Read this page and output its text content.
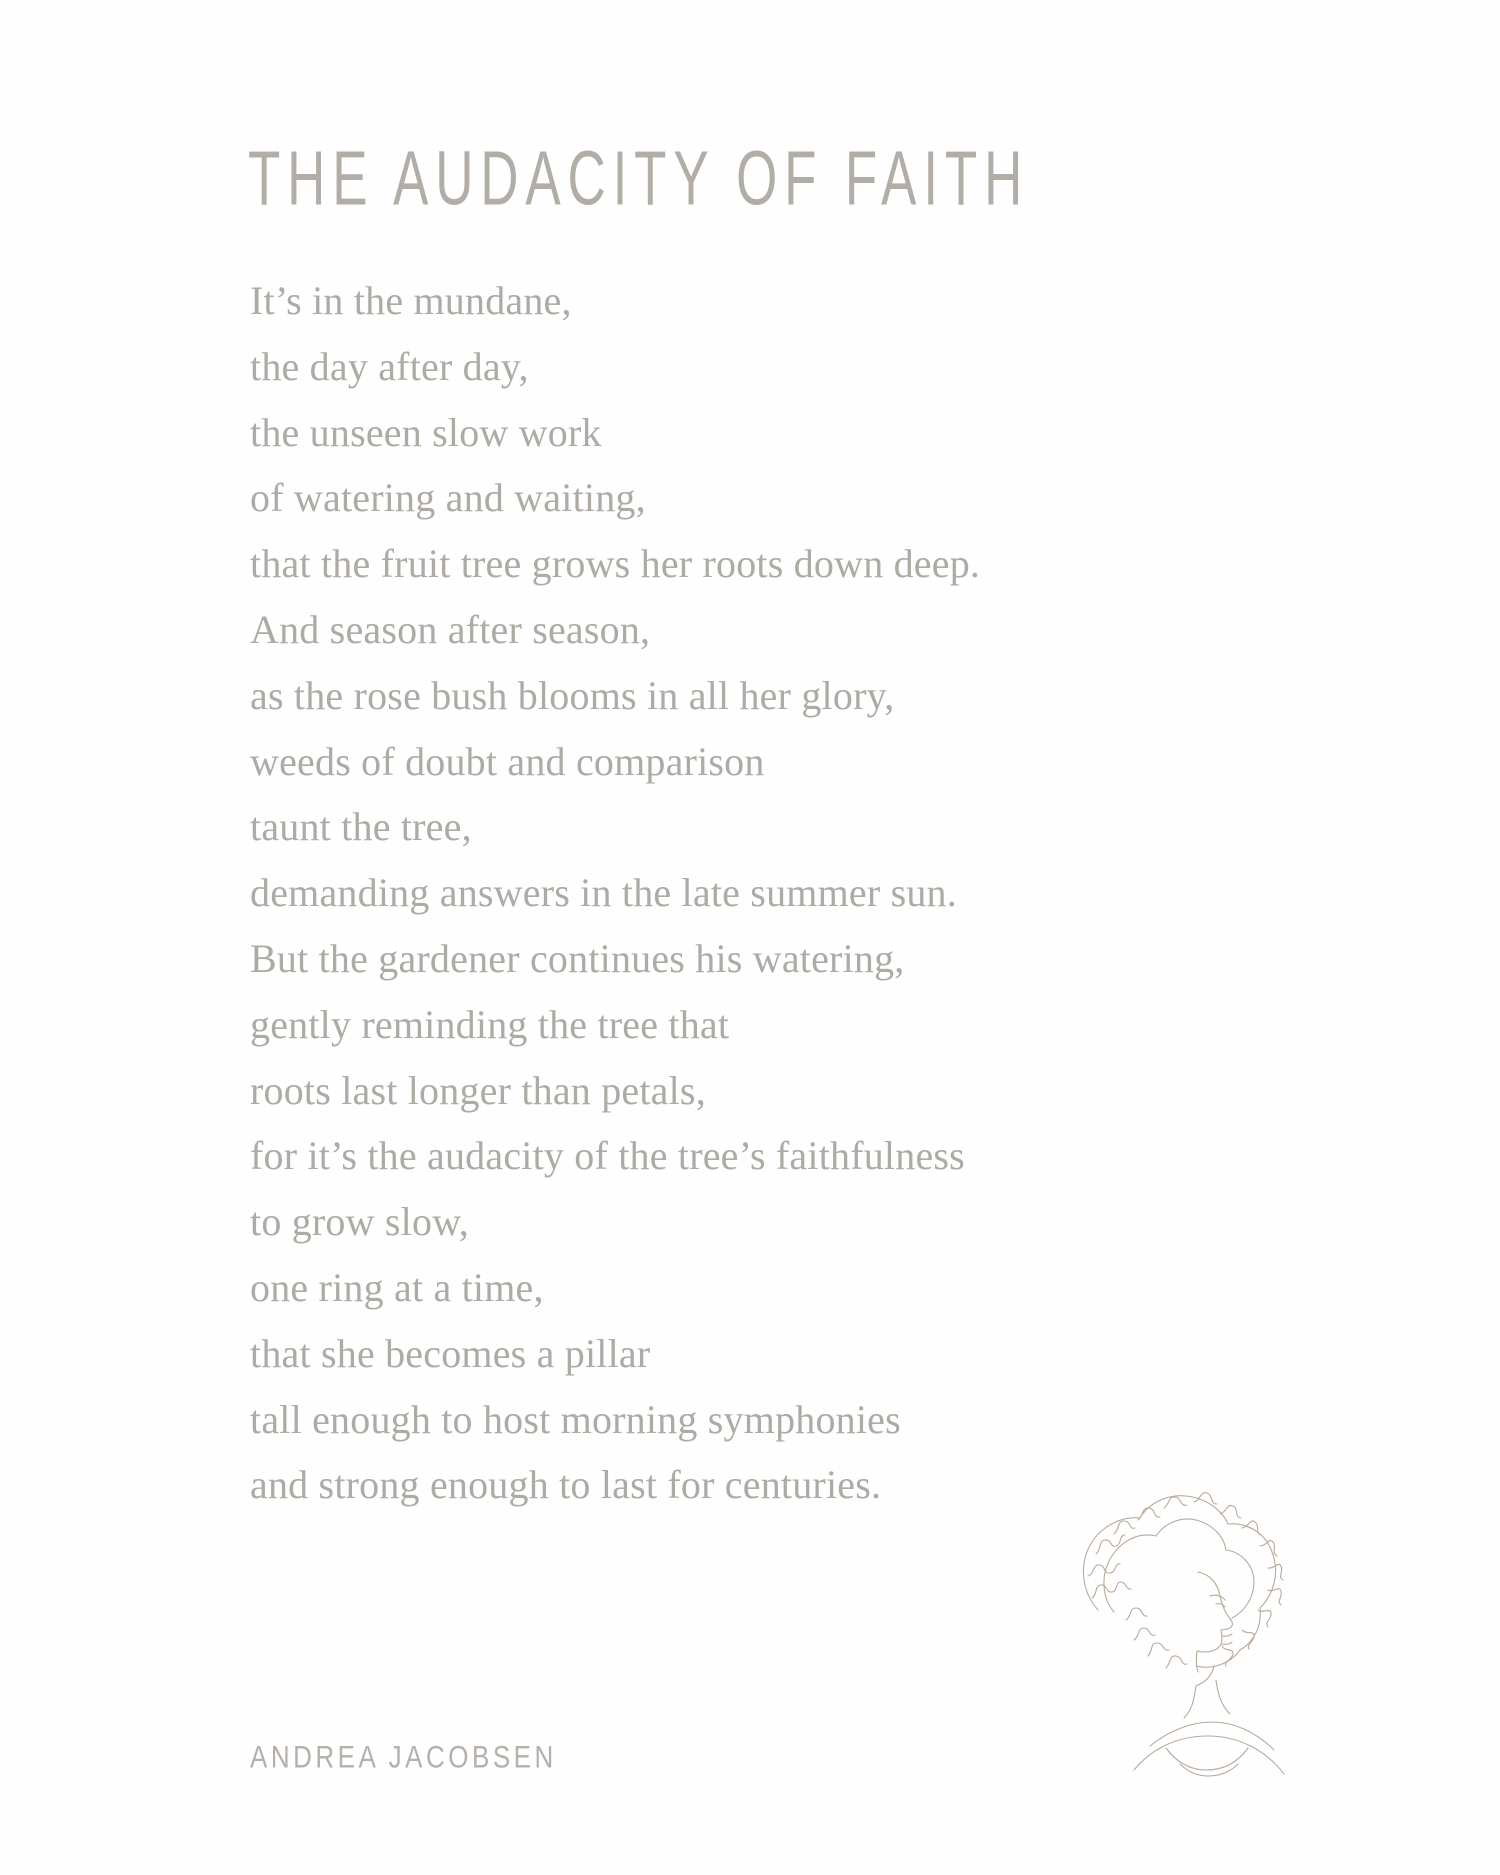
THE AUDACITY OF FAITH
It’s in the mundane,
the day after day,
the unseen slow work
of watering and waiting,
that the fruit tree grows her roots down deep.
And season after season,
as the rose bush blooms in all her glory,
weeds of doubt and comparison
taunt the tree,
demanding answers in the late summer sun.
But the gardener continues his watering,
gently reminding the tree that
roots last longer than petals,
for it’s the audacity of the tree’s faithfulness
to grow slow,
one ring at a time,
that she becomes a pillar
tall enough to host morning symphonies
and strong enough to last for centuries.
ANDREA JACOBSEN
